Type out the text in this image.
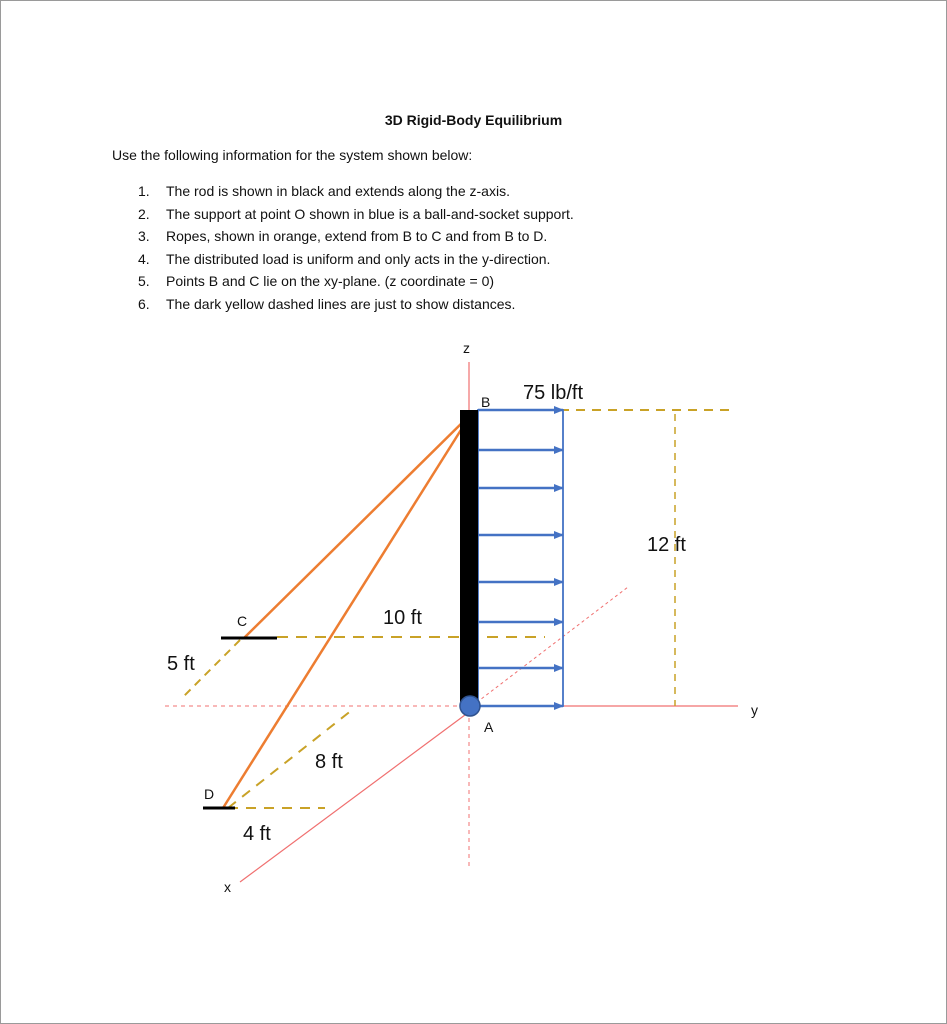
3D Rigid-Body Equilibrium
Use the following information for the system shown below:
1. The rod is shown in black and extends along the z-axis.
2. The support at point O shown in blue is a ball-and-socket support.
3. Ropes, shown in orange, extend from B to C and from B to D.
4. The distributed load is uniform and only acts in the y-direction.
5. Points B and C lie on the xy-plane. (z coordinate = 0)
6. The dark yellow dashed lines are just to show distances.
z
y
x
B
A
C
D
75 lb/ft
12 ft
10 ft
5 ft
8 ft
4 ft
